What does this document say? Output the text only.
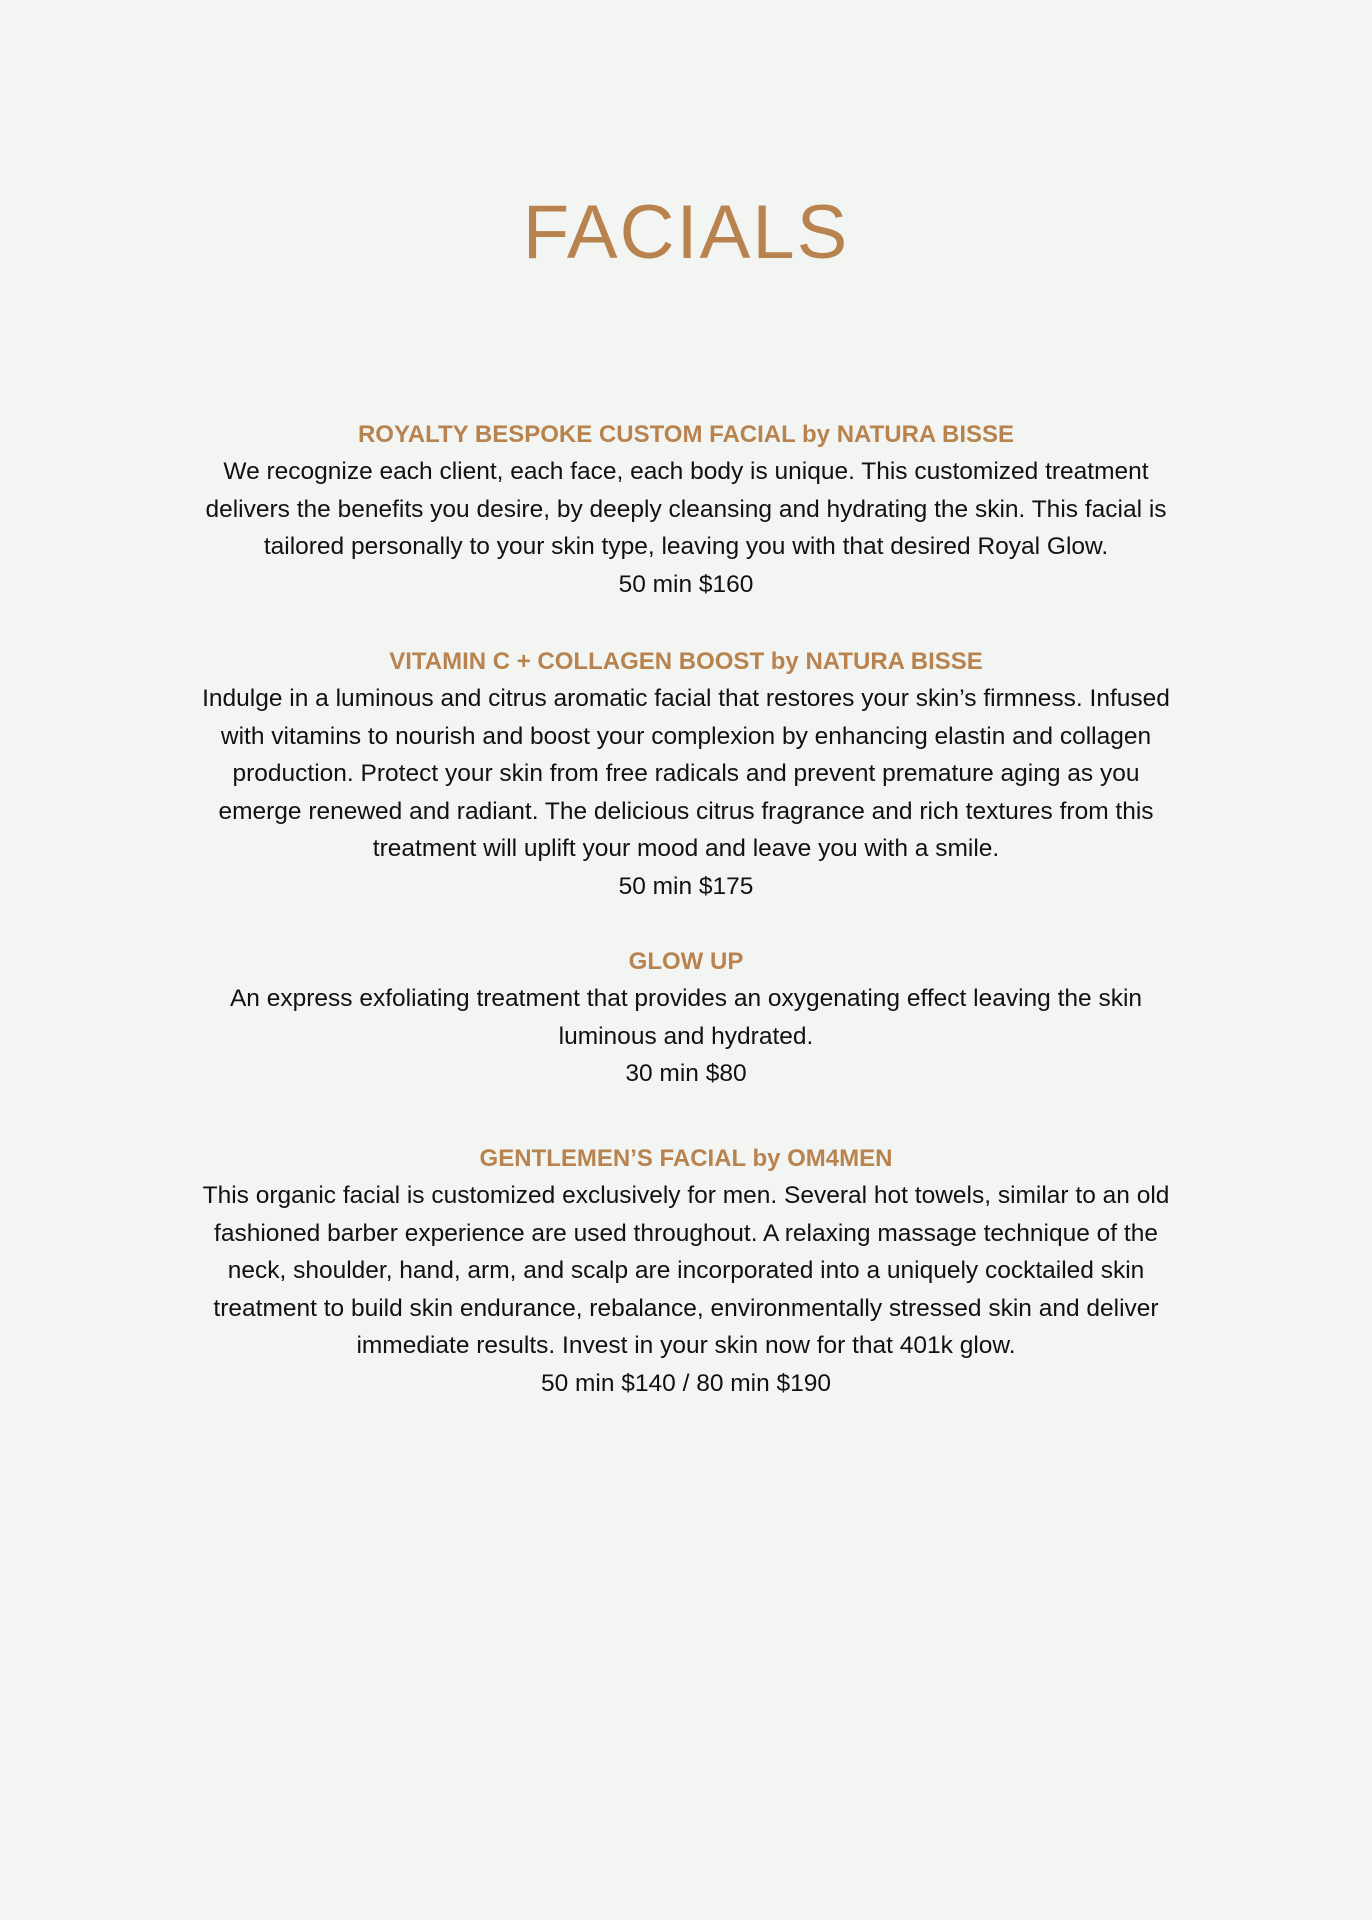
FACIALS
ROYALTY BESPOKE CUSTOM FACIAL by NATURA BISSE
We recognize each client, each face, each body is unique. This customized treatment
delivers the benefits you desire, by deeply cleansing and hydrating the skin. This facial is
tailored personally to your skin type, leaving you with that desired Royal Glow.
50 min $160
VITAMIN C + COLLAGEN BOOST by NATURA BISSE
Indulge in a luminous and citrus aromatic facial that restores your skin’s firmness. Infused
with vitamins to nourish and boost your complexion by enhancing elastin and collagen
production. Protect your skin from free radicals and prevent premature aging as you
emerge renewed and radiant. The delicious citrus fragrance and rich textures from this
treatment will uplift your mood and leave you with a smile.
50 min $175
GLOW UP
An express exfoliating treatment that provides an oxygenating effect leaving the skin
luminous and hydrated.
30 min $80
GENTLEMEN’S FACIAL by OM4MEN
This organic facial is customized exclusively for men. Several hot towels, similar to an old
fashioned barber experience are used throughout. A relaxing massage technique of the
neck, shoulder, hand, arm, and scalp are incorporated into a uniquely cocktailed skin
treatment to build skin endurance, rebalance, environmentally stressed skin and deliver
immediate results. Invest in your skin now for that 401k glow.
50 min $140 / 80 min $190
